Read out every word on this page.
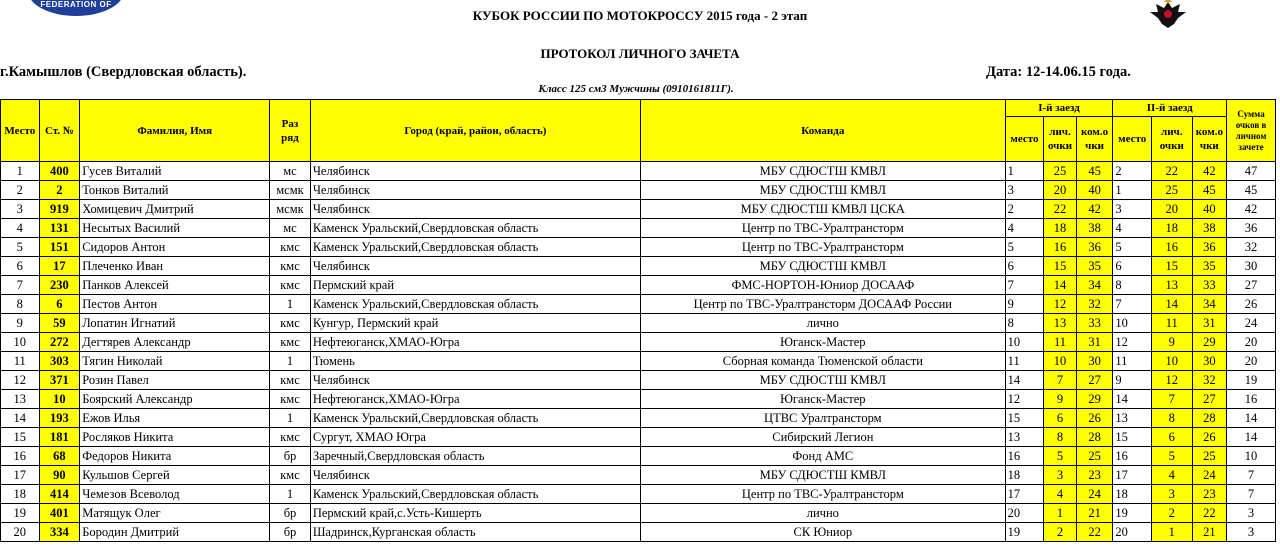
FEDERATION OF
КУБОК РОССИИ ПО МОТОКРОССУ 2015 года - 2 этап
ПРОТОКОЛ ЛИЧНОГО ЗАЧЕТА
г.Камышлов (Свердловская область).	Дата: 12-14.06.15 года.
Класс 125 см3 Мужчины (0910161811Г).
Место	Ст. №	Фамилия, Имя	Раз ряд	Город (край, район, область)	Команда	I-й заезд			II-й заезд			Сумма очков в личном зачете
						место	лич. очки	ком.о чки	место	лич. очки	ком.о чки	
1	400	Гусев Виталий	мс	Челябинск	МБУ СДЮСТШ КМВЛ	1	25	45	2	22	42	47
2	2	Тонков Виталий	мсмк	Челябинск	МБУ СДЮСТШ КМВЛ	3	20	40	1	25	45	45
3	919	Хомицевич Дмитрий	мсмк	Челябинск	МБУ СДЮСТШ КМВЛ ЦСКА	2	22	42	3	20	40	42
4	131	Несытых Василий	мс	Каменск Уральский,Свердловская область	Центр по ТВС-Уралтрансторм	4	18	38	4	18	38	36
5	151	Сидоров Антон	кмс	Каменск Уральский,Свердловская область	Центр по ТВС-Уралтрансторм	5	16	36	5	16	36	32
6	17	Плеченко Иван	кмс	Челябинск	МБУ СДЮСТШ КМВЛ	6	15	35	6	15	35	30
7	230	Панков Алексей	кмс	Пермский край	ФМС-НОРТОН-Юниор ДОСААФ	7	14	34	8	13	33	27
8	6	Пестов Антон	1	Каменск Уральский,Свердловская область	Центр по ТВС-Уралтрансторм ДОСААФ России	9	12	32	7	14	34	26
9	59	Лопатин Игнатий	кмс	Кунгур, Пермский край	лично	8	13	33	10	11	31	24
10	272	Дегтярев Александр	кмс	Нефтеюганск,ХМАО-Югра	Юганск-Мастер	10	11	31	12	9	29	20
11	303	Тягин Николай	1	Тюмень	Сборная команда Тюменской области	11	10	30	11	10	30	20
12	371	Розин Павел	кмс	Челябинск	МБУ СДЮСТШ КМВЛ	14	7	27	9	12	32	19
13	10	Боярский Александр	кмс	Нефтеюганск,ХМАО-Югра	Юганск-Мастер	12	9	29	14	7	27	16
14	193	Ежов Илья	1	Каменск Уральский,Свердловская область	ЦТВС Уралтрансторм	15	6	26	13	8	28	14
15	181	Росляков Никита	кмс	Сургут, ХМАО Югра	Сибирский Легион	13	8	28	15	6	26	14
16	68	Федоров Никита	бр	Заречный,Свердловская область	Фонд АМС	16	5	25	16	5	25	10
17	90	Кульшов Сергей	кмс	Челябинск	МБУ СДЮСТШ КМВЛ	18	3	23	17	4	24	7
18	414	Чемезов Всеволод	1	Каменск Уральский,Свердловская область	Центр по ТВС-Уралтрансторм	17	4	24	18	3	23	7
19	401	Матящук Олег	бр	Пермский край,с.Усть-Кишерть	лично	20	1	21	19	2	22	3
20	334	Бородин Дмитрий	бр	Шадринск,Курганская область	СК Юниор	19	2	22	20	1	21	3
